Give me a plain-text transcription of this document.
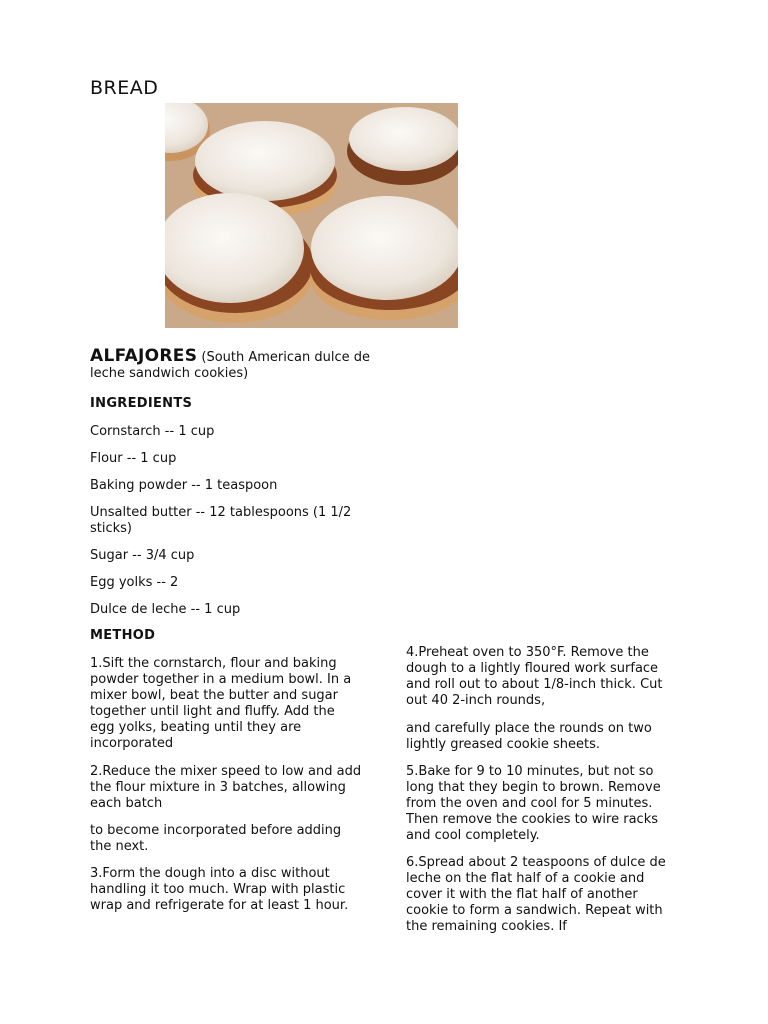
BREAD
ALFAJORES (South American dulce de leche sandwich cookies)
INGREDIENTS
Cornstarch -- 1 cup
Flour -- 1 cup
Baking powder -- 1 teaspoon
Unsalted butter -- 12 tablespoons (1 1/2 sticks)
Sugar -- 3/4 cup
Egg yolks -- 2
Dulce de leche -- 1 cup
METHOD
1.Sift the cornstarch, flour and baking powder together in a medium bowl. In a mixer bowl, beat the butter and sugar together until light and fluffy. Add the egg yolks, beating until they are incorporated
2.Reduce the mixer speed to low and add the flour mixture in 3 batches, allowing each batch
to become incorporated before adding the next.
3.Form the dough into a disc without handling it too much. Wrap with plastic wrap and refrigerate for at least 1 hour.
4.Preheat oven to 350°F. Remove the dough to a lightly floured work surface and roll out to about 1/8-inch thick. Cut out 40 2-inch rounds,
and carefully place the rounds on two lightly greased cookie sheets.
5.Bake for 9 to 10 minutes, but not so long that they begin to brown. Remove from the oven and cool for 5 minutes. Then remove the cookies to wire racks and cool completely.
6.Spread about 2 teaspoons of dulce de leche on the flat half of a cookie and cover it with the flat half of another cookie to form a sandwich. Repeat with the remaining cookies. If
